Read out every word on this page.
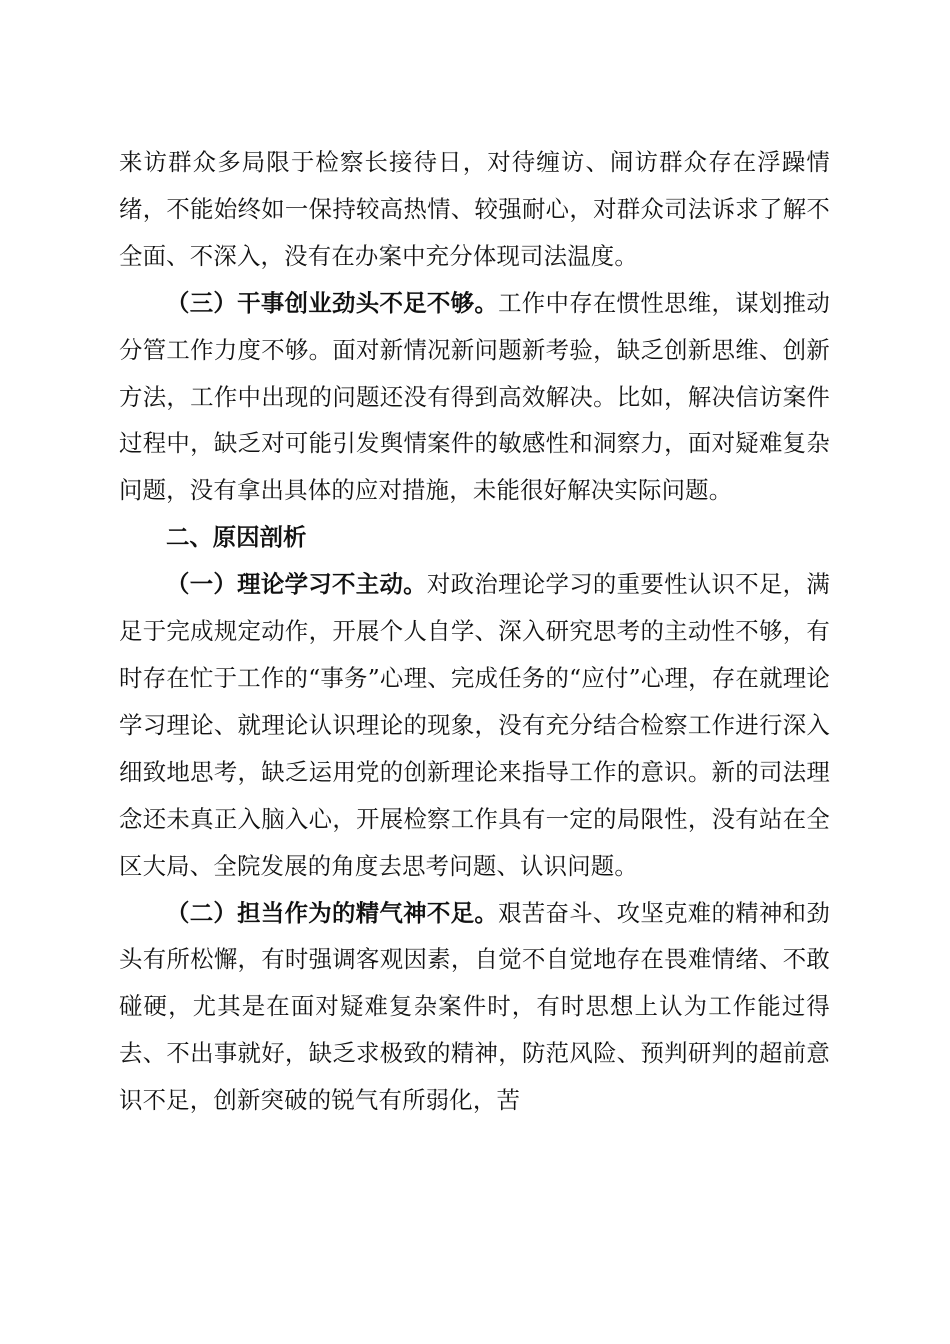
来访群众多局限于检察长接待日，对待缠访、闹访群众存在浮躁情绪，不能始终如一保持较高热情、较强耐心，对群众司法诉求了解不全面、不深入，没有在办案中充分体现司法温度。

（三）干事创业劲头不足不够。工作中存在惯性思维，谋划推动分管工作力度不够。面对新情况新问题新考验，缺乏创新思维、创新方法，工作中出现的问题还没有得到高效解决。比如，解决信访案件过程中，缺乏对可能引发舆情案件的敏感性和洞察力，面对疑难复杂问题，没有拿出具体的应对措施，未能很好解决实际问题。

二、原因剖析

（一）理论学习不主动。对政治理论学习的重要性认识不足，满足于完成规定动作，开展个人自学、深入研究思考的主动性不够，有时存在忙于工作的“事务”心理、完成任务的“应付”心理，存在就理论学习理论、就理论认识理论的现象，没有充分结合检察工作进行深入细致地思考，缺乏运用党的创新理论来指导工作的意识。新的司法理念还未真正入脑入心，开展检察工作具有一定的局限性，没有站在全区大局、全院发展的角度去思考问题、认识问题。

（二）担当作为的精气神不足。艰苦奋斗、攻坚克难的精神和劲头有所松懈，有时强调客观因素，自觉不自觉地存在畏难情绪、不敢碰硬，尤其是在面对疑难复杂案件时，有时思想上认为工作能过得去、不出事就好，缺乏求极致的精神，防范风险、预判研判的超前意识不足，创新突破的锐气有所弱化，苦
